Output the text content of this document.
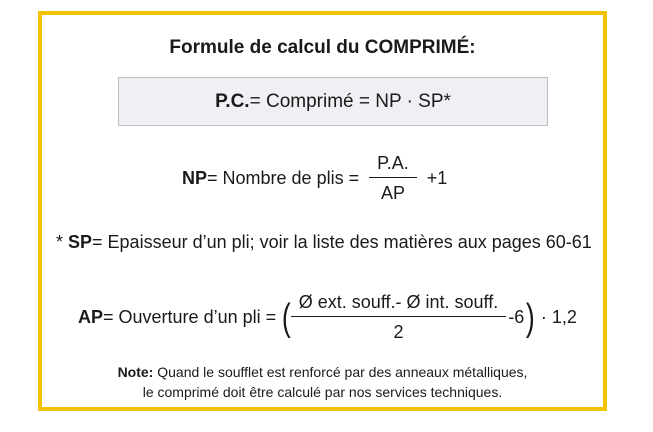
Formule de calcul du COMPRIMÉ:
P.C. = Comprimé = NP · SP*
NP = Nombre de plis = $\frac{P.A.}{AP} +1$
* SP = Epaisseur d’un pli; voir la liste des matières aux pages 60-61
AP = Ouverture d’un pli = ( $\frac{\text{Ø ext. souff.- Ø int. souff.}}{2} -6$ ) · 1,2
Note: Quand le soufflet est renforcé par des anneaux métalliques,
le comprimé doit être calculé par nos services techniques.
